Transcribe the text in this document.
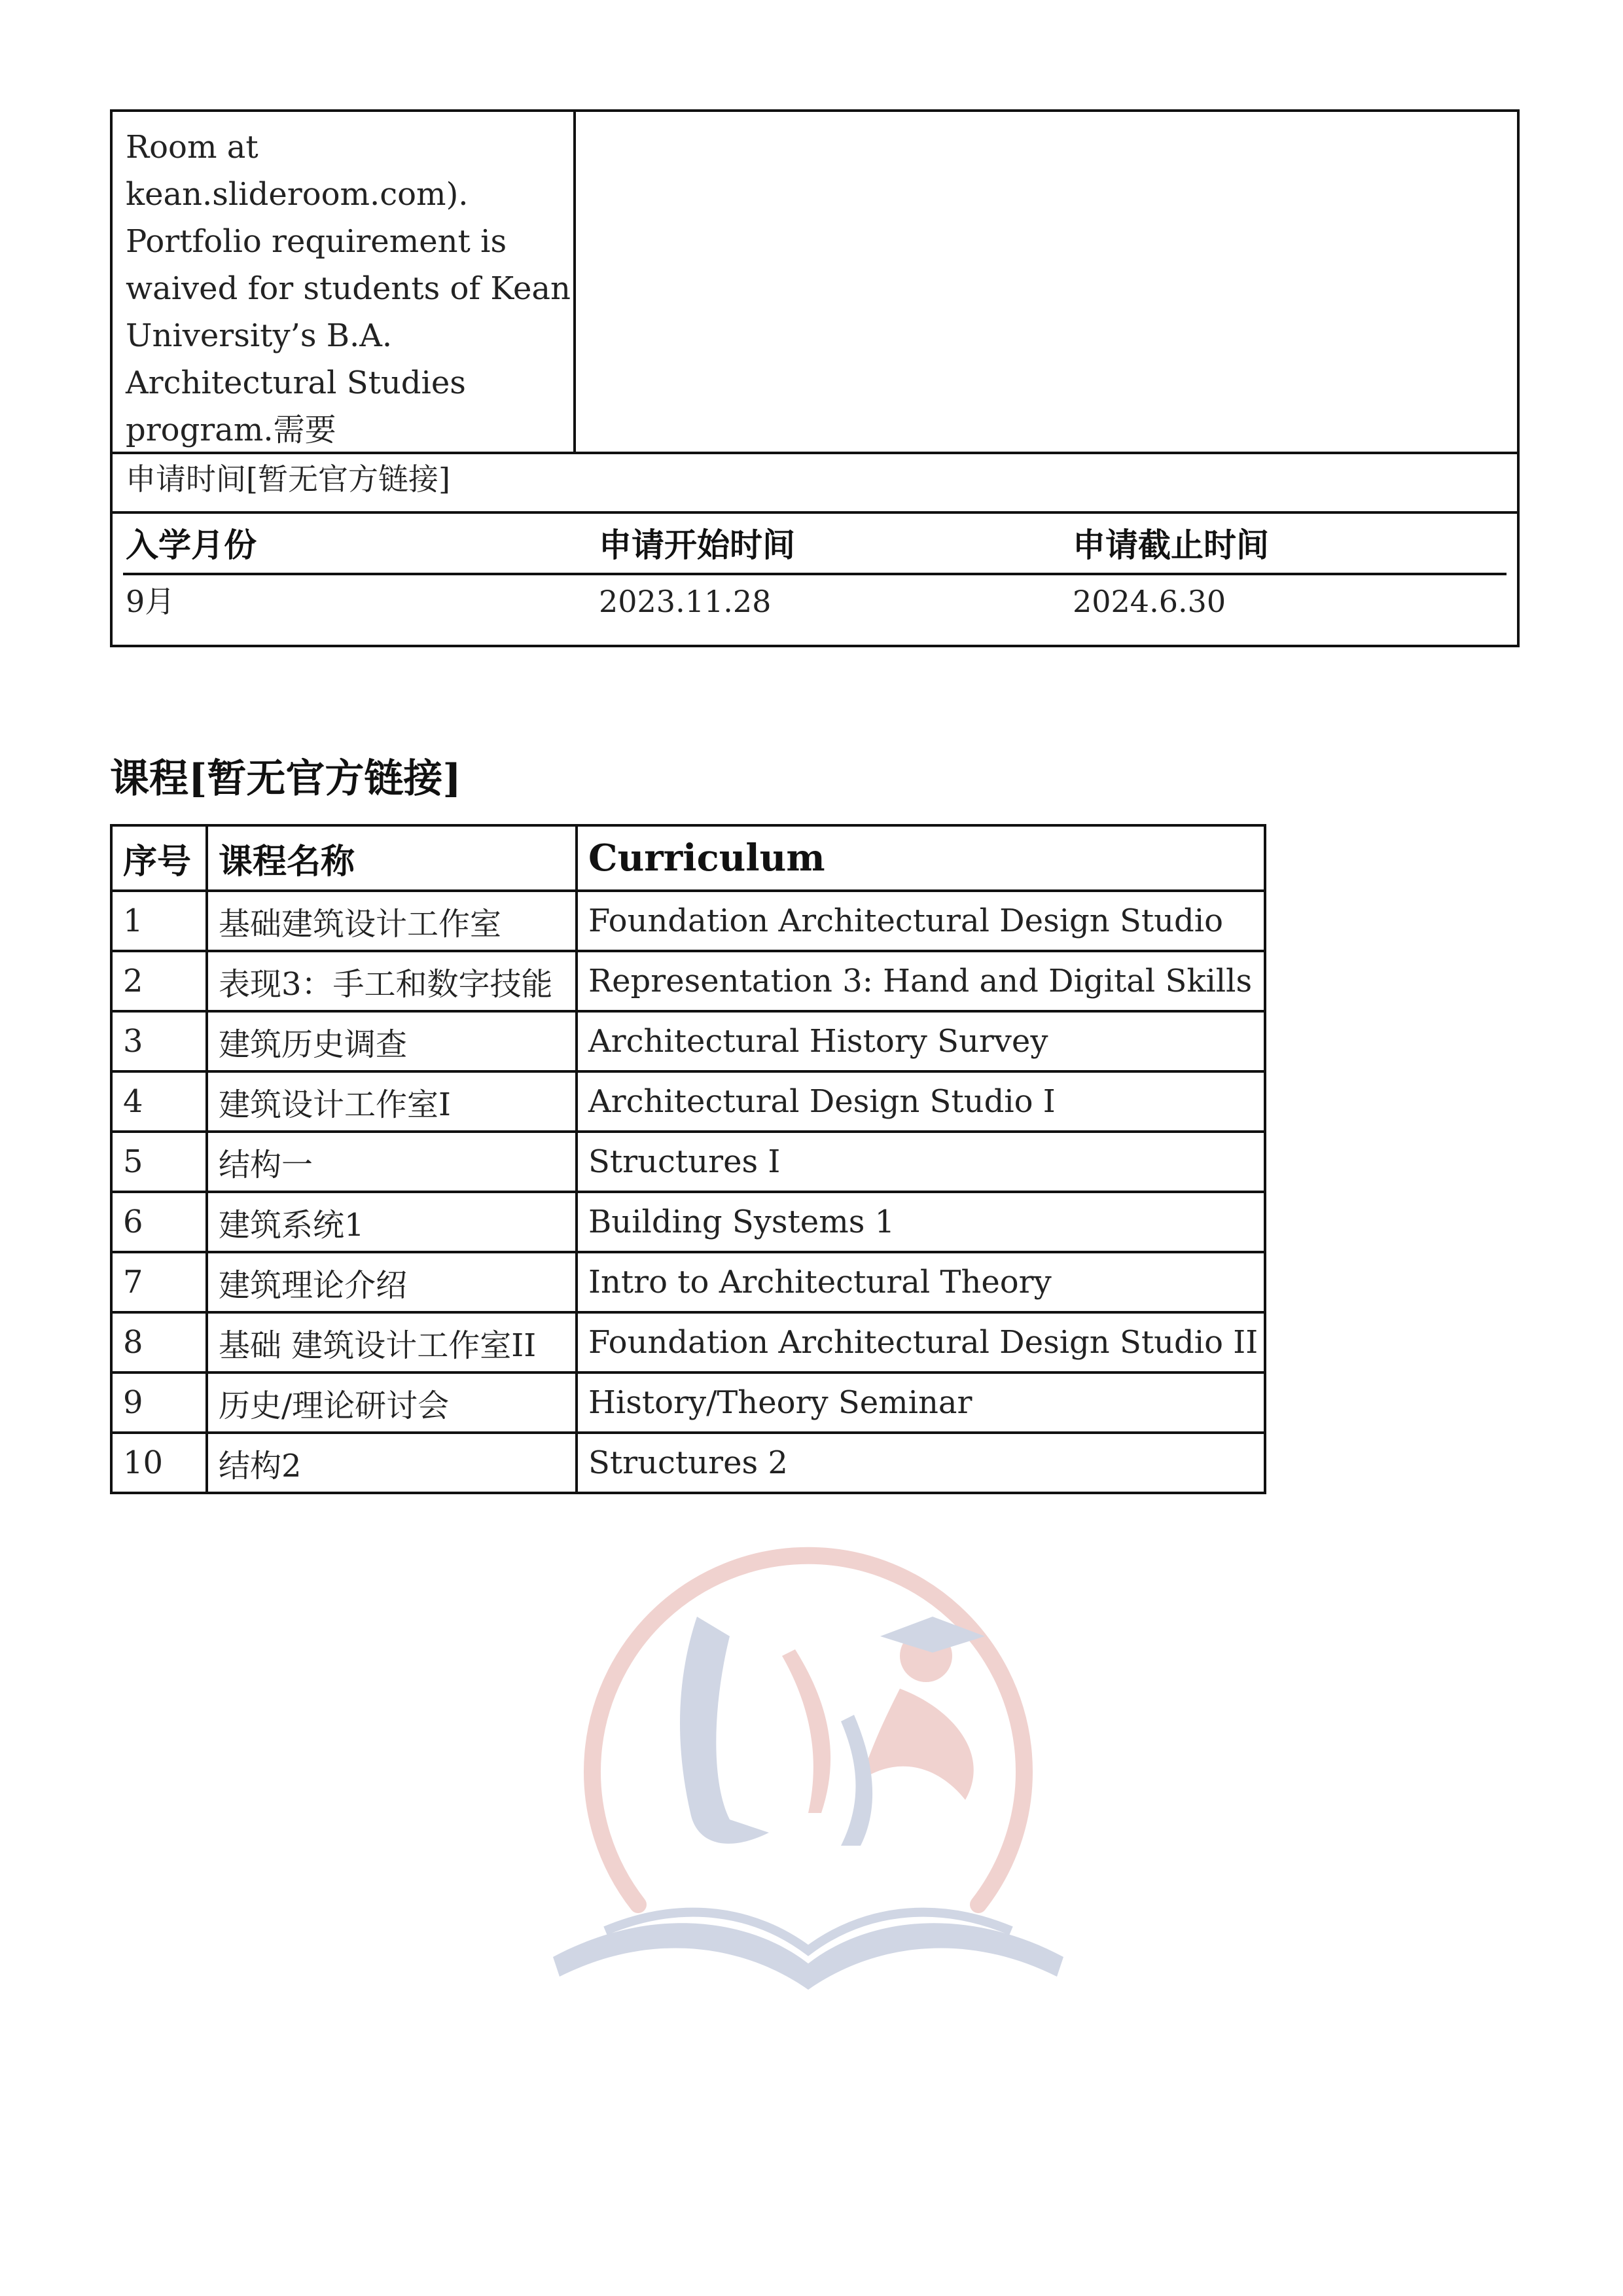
Room at
kean.slideroom.com).
Portfolio requirement is
waived for students of Kean
University’s B.A.
Architectural Studies
program.需要
申请时间[暂无官方链接]
入学月份	申请开始时间	申请截止时间
9月	2023.11.28	2024.6.30
课程[暂无官方链接]
序号	课程名称	Curriculum
1	基础建筑设计工作室	Foundation Architectural Design Studio
2	表现3：手工和数字技能	Representation 3: Hand and Digital Skills
3	建筑历史调查	Architectural History Survey
4	建筑设计工作室I	Architectural Design Studio I
5	结构一	Structures I
6	建筑系统1	Building Systems 1
7	建筑理论介绍	Intro to Architectural Theory
8	基础 建筑设计工作室II	Foundation Architectural Design Studio II
9	历史/理论研讨会	History/Theory Seminar
10	结构2	Structures 2
